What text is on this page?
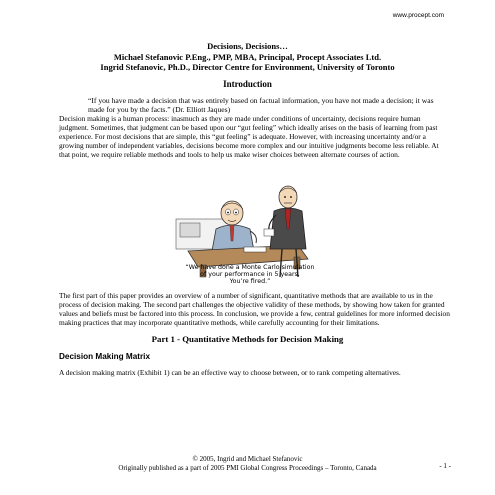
www.procept.com
Decisions, Decisions…
Michael Stefanovic P.Eng., PMP, MBA, Principal, Procept Associates Ltd.
Ingrid Stefanovic, Ph.D., Director Centre for Environment, University of Toronto
Introduction
“If you have made a decision that was entirely based on factual information, you have not made a decision; it was made for you by the facts.” (Dr. Elliott Jaques)
Decision making is a human process: inasmuch as they are made under conditions of uncertainty, decisions require human judgment. Sometimes, that judgment can be based upon our “gut feeling” which ideally arises on the basis of learning from past experience. For most decisions that are simple, this “gut feeling” is adequate. However, with increasing uncertainty and/or a growing number of independent variables, decisions become more complex and our intuitive judgments become less reliable. At that point, we require reliable methods and tools to help us make wiser choices between alternate courses of action.
“We have done a Monte Carlo simulation
of your performance in 5 years.
You’re fired.”
The first part of this paper provides an overview of a number of significant, quantitative methods that are available to us in the process of decision making. The second part challenges the objective validity of these methods, by showing how taken for granted values and beliefs must be factored into this process. In conclusion, we provide a few, central guidelines for more informed decision making practices that may incorporate quantitative methods, while carefully accounting for their limitations.
Part 1 - Quantitative Methods for Decision Making
Decision Making Matrix
A decision making matrix (Exhibit 1) can be an effective way to choose between, or to rank competing alternatives.
© 2005, Ingrid and Michael Stefanovic
Originally published as a part of 2005 PMI Global Congress Proceedings – Toronto, Canada	- 1 -
